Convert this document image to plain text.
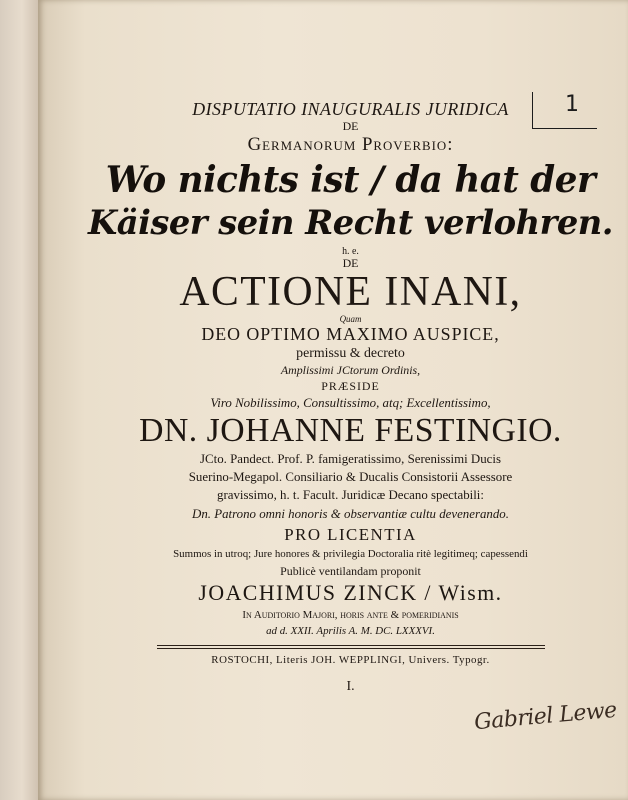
1
DISPUTATIO INAUGURALIS JURIDICA
DE
Germanorum Proverbio:
Wo nichts ist / da hat der
Käiser sein Recht verlohren.
h. e.
DE
ACTIONE INANI,
Quam
DEO OPTIMO MAXIMO AUSPICE,
permissu & decreto
Amplissimi JCtorum Ordinis,
PRÆSIDE
Viro Nobilissimo, Consultissimo, atq; Excellentissimo,
DN. JOHANNE FESTINGIO.
JCto. Pandect. Prof. P. famigeratissimo, Serenissimi Ducis
Suerino-Megapol. Consiliario & Ducalis Consistorii Assessore
gravissimo, h. t. Facult. Juridicæ Decano spectabili:
Dn. Patrono omni honoris & observantiæ cultu devenerando.
PRO LICENTIA
Summos in utroq; Jure honores & privilegia Doctoralia ritè legitimeq; capessendi
Publicè ventilandam proponit
JOACHIMUS ZINCK / Wism.
In Auditorio Majori, horis ante & pomeridianis
ad d. XXII. Aprilis A. M. DC. LXXXVI.
ROSTOCHI, Literis JOH. WEPPLINGI, Univers. Typogr.
I.
Gabriel Lewe
